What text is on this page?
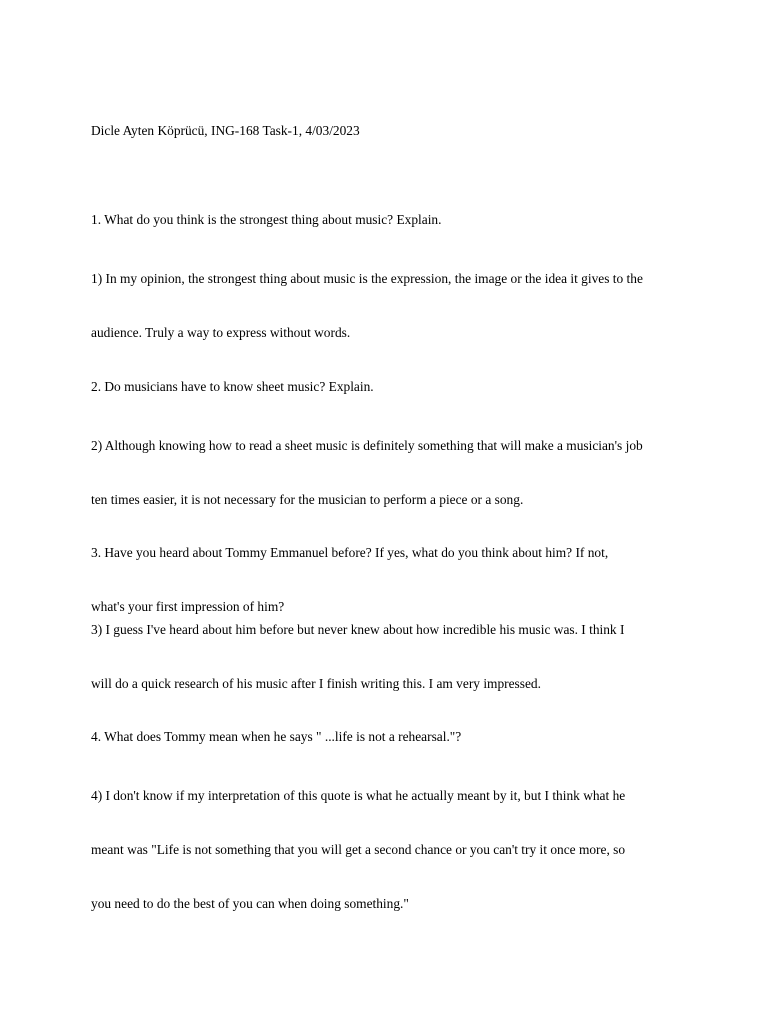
Dicle Ayten Köprücü, ING-168 Task-1, 4/03/2023

1. What do you think is the strongest thing about music? Explain.

1) In my opinion, the strongest thing about music is the expression, the image or the idea it gives to the

audience. Truly a way to express without words.

2. Do musicians have to know sheet music? Explain.

2) Although knowing how to read a sheet music is definitely something that will make a musician's job

ten times easier, it is not necessary for the musician to perform a piece or a song.

3. Have you heard about Tommy Emmanuel before? If yes, what do you think about him? If not,

what's your first impression of him?

3) I guess I've heard about him before but never knew about how incredible his music was. I think I

will do a quick research of his music after I finish writing this. I am very impressed.

4. What does Tommy mean when he says " ...life is not a rehearsal."?

4) I don't know if my interpretation of this quote is what he actually meant by it, but I think what he

meant was "Life is not something that you will get a second chance or you can't try it once more, so

you need to do the best of you can when doing something."
